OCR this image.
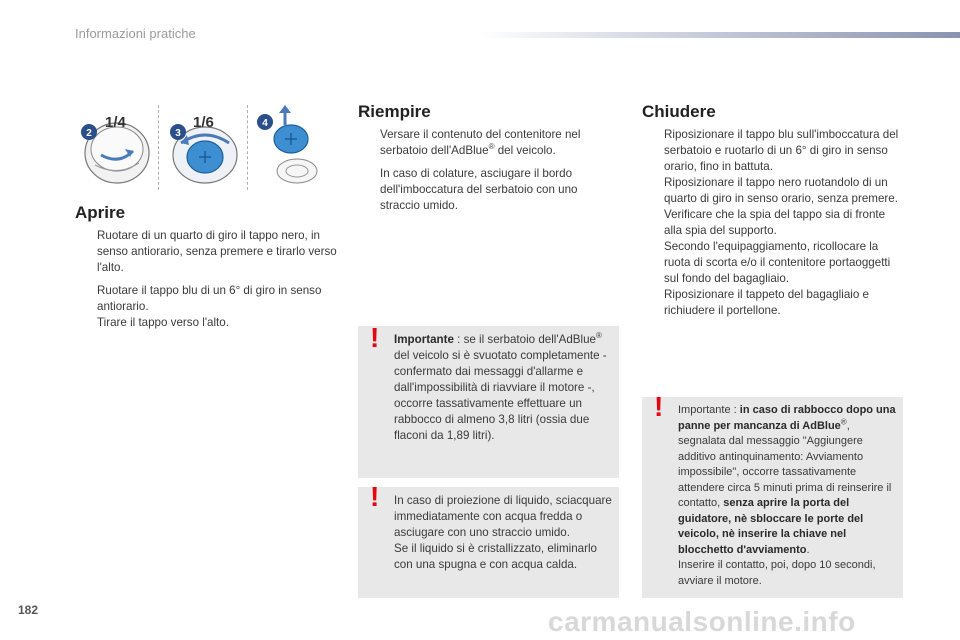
Informazioni pratiche
2
1/4
3
1/6	4
Aprire
Ruotare di un quarto di giro il tappo nero, in senso antiorario, senza premere e tirarlo verso l'alto.
Ruotare il tappo blu di un 6° di giro in senso antiorario.
Tirare il tappo verso l'alto.
Riempire
Versare il contenuto del contenitore nel serbatoio dell'AdBlue® del veicolo.
In caso di colature, asciugare il bordo dell'imboccatura del serbatoio con uno straccio umido.
! Importante : se il serbatoio dell'AdBlue® del veicolo si è svuotato completamente - confermato dai messaggi d'allarme e dall'impossibilità di riavviare il motore -, occorre tassativamente effettuare un rabbocco di almeno 3,8 litri (ossia due flaconi da 1,89 litri).
! In caso di proiezione di liquido, sciacquare immediatamente con acqua fredda o asciugare con uno straccio umido.
Se il liquido si è cristallizzato, eliminarlo con una spugna e con acqua calda.
Chiudere
Riposizionare il tappo blu sull'imboccatura del serbatoio e ruotarlo di un 6° di giro in senso orario, fino in battuta.
Riposizionare il tappo nero ruotandolo di un quarto di giro in senso orario, senza premere. Verificare che la spia del tappo sia di fronte alla spia del supporto.
Secondo l'equipaggiamento, ricollocare la ruota di scorta e/o il contenitore portaoggetti sul fondo del bagagliaio.
Riposizionare il tappeto del bagagliaio e richiudere il portellone.
! Importante : in caso di rabbocco dopo una panne per mancanza di AdBlue®, segnalata dal messaggio "Aggiungere additivo antinquinamento: Avviamento impossibile", occorre tassativamente attendere circa 5 minuti prima di reinserire il contatto, senza aprire la porta del guidatore, nè sbloccare le porte del veicolo, nè inserire la chiave nel blocchetto d'avviamento.
Inserire il contatto, poi, dopo 10 secondi, avviare il motore.
182	carmanualsonline.info
